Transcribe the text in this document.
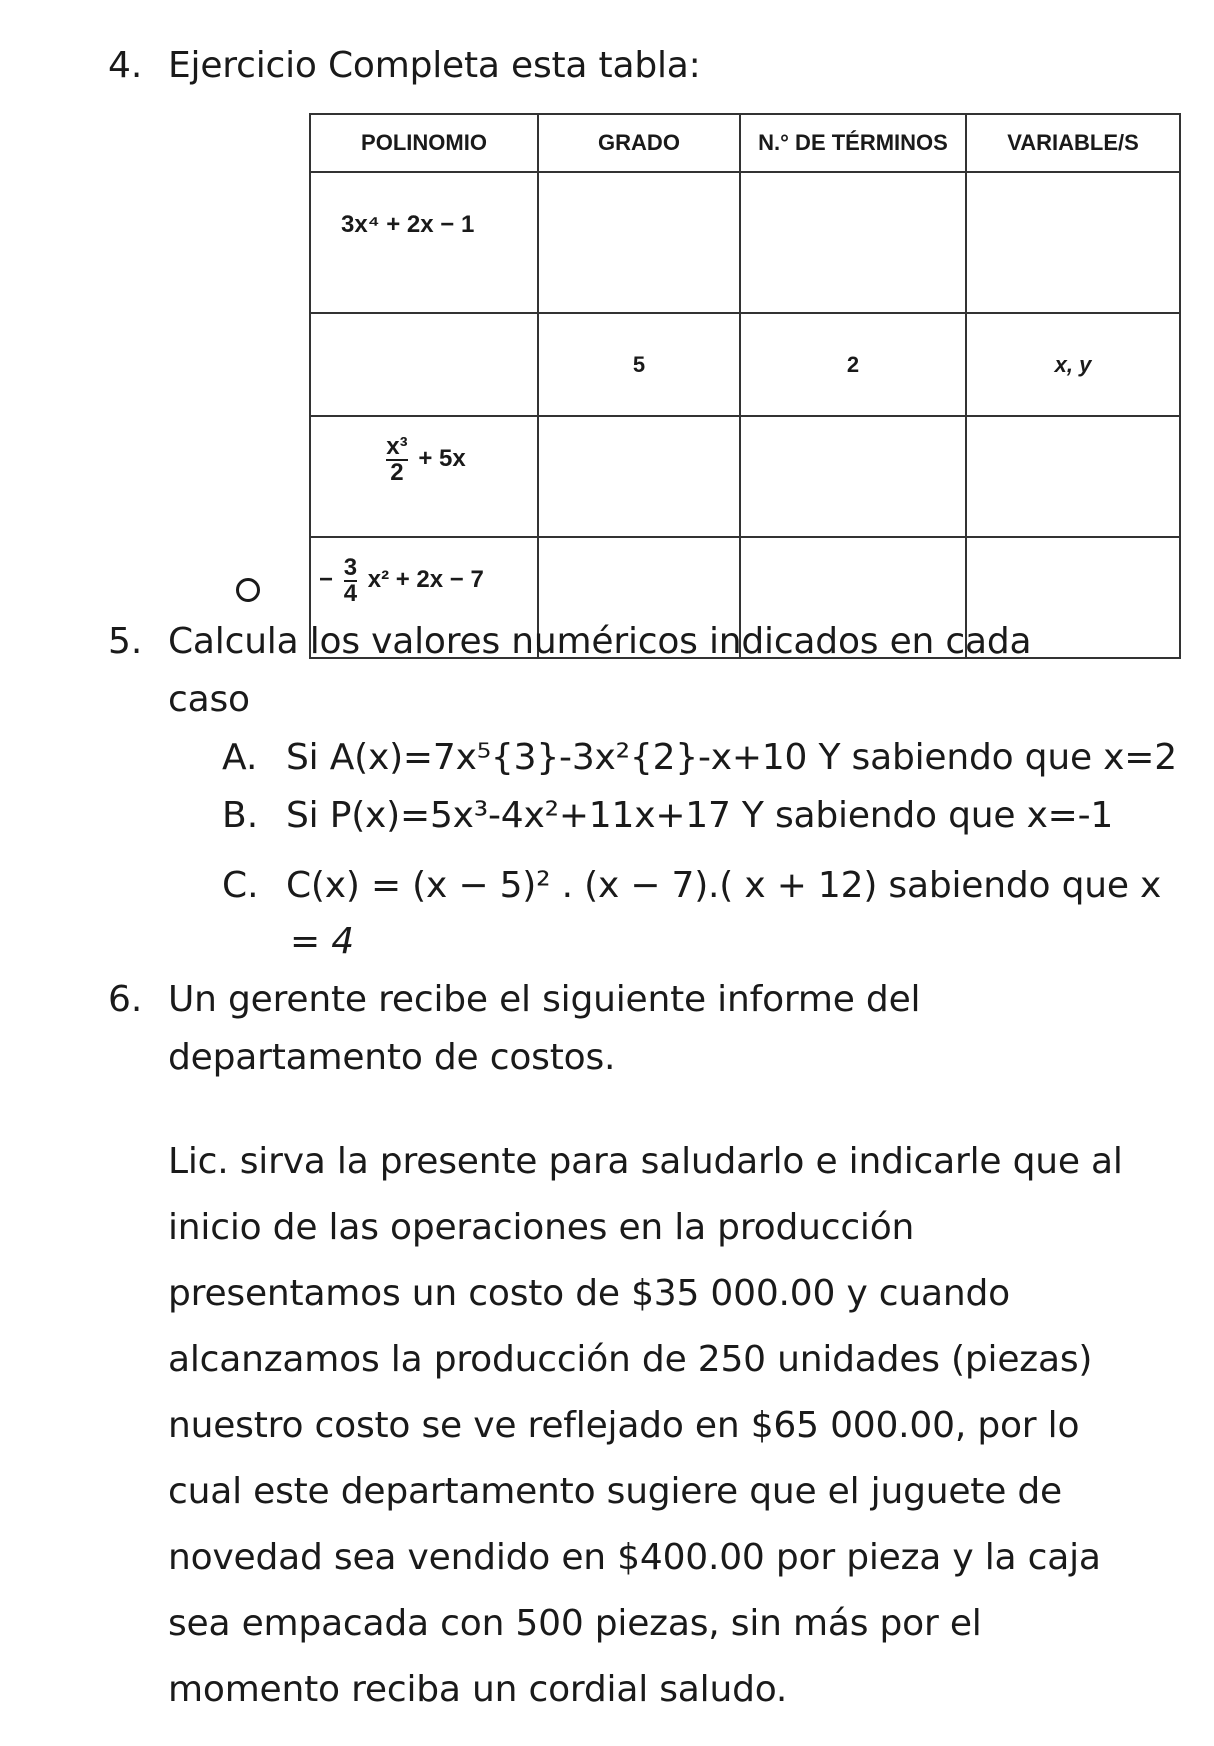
4. Ejercicio Completa esta tabla:
POLINOMIO	GRADO	N.° DE TÉRMINOS	VARIABLE/S
3x⁴ + 2x − 1			
	5	2	x, y

$\frac{\text{x³}}{2} + 5x$			
− $\frac{3}{4} x^2 + 2x - 7$			
5. Calcula los valores numéricos indicados en cada
caso
A. Si A(x)=7x⁵{3}-3x²{2}-x+10 Y sabiendo que x=2
B. Si P(x)=5x³-4x²+11x+17 Y sabiendo que x=-1
C. C(x) = (x − 5)² . (x − 7).( x + 12) sabiendo que x
= 4
6. Un gerente recibe el siguiente informe del
departamento de costos.
Lic. sirva la presente para saludarlo e indicarle que al
inicio de las operaciones en la producción
presentamos un costo de $35 000.00 y cuando
alcanzamos la producción de 250 unidades (piezas)
nuestro costo se ve reflejado en $65 000.00, por lo
cual este departamento sugiere que el juguete de
novedad sea vendido en $400.00 por pieza y la caja
sea empacada con 500 piezas, sin más por el
momento reciba un cordial saludo.
